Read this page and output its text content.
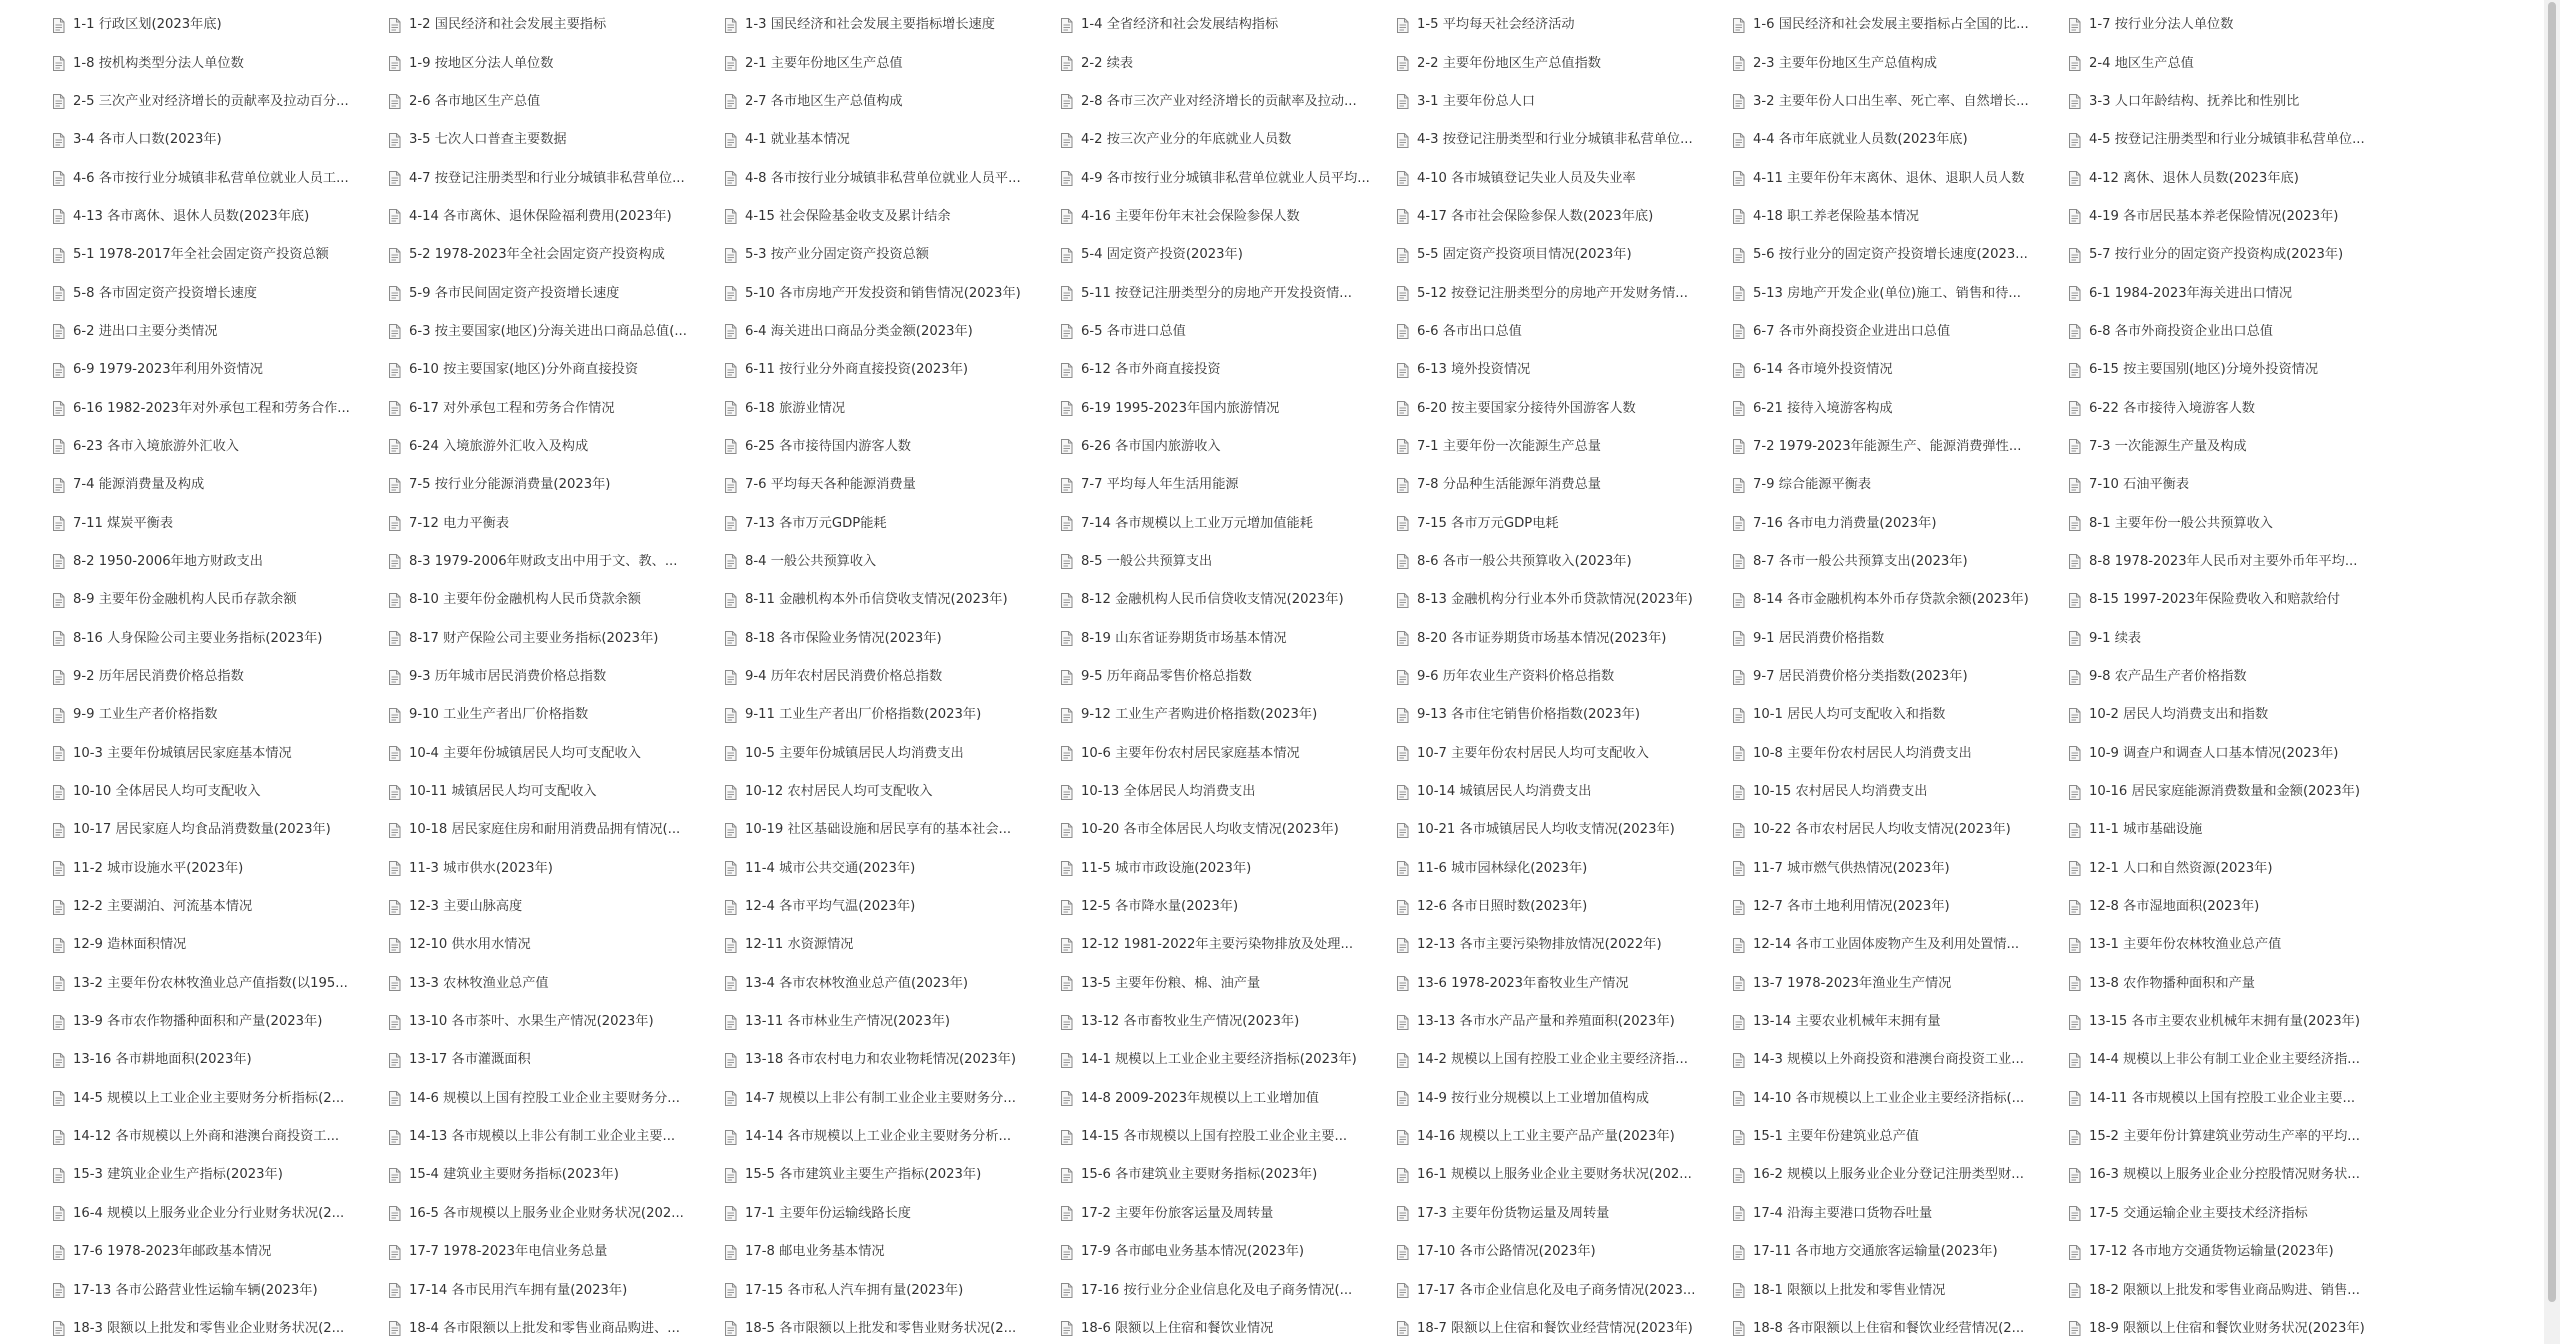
1-1 行政区划(2023年底)	1-2 国民经济和社会发展主要指标	1-3 国民经济和社会发展主要指标增长速度	1-4 全省经济和社会发展结构指标	1-5 平均每天社会经济活动	1-6 国民经济和社会发展主要指标占全国的比...	1-7 按行业分法人单位数
1-8 按机构类型分法人单位数	1-9 按地区分法人单位数	2-1 主要年份地区生产总值	2-2 续表	2-2 主要年份地区生产总值指数	2-3 主要年份地区生产总值构成	2-4 地区生产总值
2-5 三次产业对经济增长的贡献率及拉动百分...	2-6 各市地区生产总值	2-7 各市地区生产总值构成	2-8 各市三次产业对经济增长的贡献率及拉动...	3-1 主要年份总人口	3-2 主要年份人口出生率、死亡率、自然增长...	3-3 人口年龄结构、抚养比和性别比
3-4 各市人口数(2023年)	3-5 七次人口普查主要数据	4-1 就业基本情况	4-2 按三次产业分的年底就业人员数	4-3 按登记注册类型和行业分城镇非私营单位...	4-4 各市年底就业人员数(2023年底)	4-5 按登记注册类型和行业分城镇非私营单位...
4-6 各市按行业分城镇非私营单位就业人员工...	4-7 按登记注册类型和行业分城镇非私营单位...	4-8 各市按行业分城镇非私营单位就业人员平...	4-9 各市按行业分城镇非私营单位就业人员平均...	4-10 各市城镇登记失业人员及失业率	4-11 主要年份年末离休、退休、退职人员人数	4-12 离休、退休人员数(2023年底)
4-13 各市离休、退休人员数(2023年底)	4-14 各市离休、退休保险福利费用(2023年)	4-15 社会保险基金收支及累计结余	4-16 主要年份年末社会保险参保人数	4-17 各市社会保险参保人数(2023年底)	4-18 职工养老保险基本情况	4-19 各市居民基本养老保险情况(2023年)
5-1 1978-2017年全社会固定资产投资总额	5-2 1978-2023年全社会固定资产投资构成	5-3 按产业分固定资产投资总额	5-4 固定资产投资(2023年)	5-5 固定资产投资项目情况(2023年)	5-6 按行业分的固定资产投资增长速度(2023...	5-7 按行业分的固定资产投资构成(2023年)
5-8 各市固定资产投资增长速度	5-9 各市民间固定资产投资增长速度	5-10 各市房地产开发投资和销售情况(2023年)	5-11 按登记注册类型分的房地产开发投资情...	5-12 按登记注册类型分的房地产开发财务情...	5-13 房地产开发企业(单位)施工、销售和待...	6-1 1984-2023年海关进出口情况
6-2 进出口主要分类情况	6-3 按主要国家(地区)分海关进出口商品总值(...	6-4 海关进出口商品分类金额(2023年)	6-5 各市进口总值	6-6 各市出口总值	6-7 各市外商投资企业进出口总值	6-8 各市外商投资企业出口总值
6-9 1979-2023年利用外资情况	6-10 按主要国家(地区)分外商直接投资	6-11 按行业分外商直接投资(2023年)	6-12 各市外商直接投资	6-13 境外投资情况	6-14 各市境外投资情况	6-15 按主要国别(地区)分境外投资情况
6-16 1982-2023年对外承包工程和劳务合作...	6-17 对外承包工程和劳务合作情况	6-18 旅游业情况	6-19 1995-2023年国内旅游情况	6-20 按主要国家分接待外国游客人数	6-21 接待入境游客构成	6-22 各市接待入境游客人数
6-23 各市入境旅游外汇收入	6-24 入境旅游外汇收入及构成	6-25 各市接待国内游客人数	6-26 各市国内旅游收入	7-1 主要年份一次能源生产总量	7-2 1979-2023年能源生产、能源消费弹性...	7-3 一次能源生产量及构成
7-4 能源消费量及构成	7-5 按行业分能源消费量(2023年)	7-6 平均每天各种能源消费量	7-7 平均每人年生活用能源	7-8 分品种生活能源年消费总量	7-9 综合能源平衡表	7-10 石油平衡表
7-11 煤炭平衡表	7-12 电力平衡表	7-13 各市万元GDP能耗	7-14 各市规模以上工业万元增加值能耗	7-15 各市万元GDP电耗	7-16 各市电力消费量(2023年)	8-1 主要年份一般公共预算收入
8-2 1950-2006年地方财政支出	8-3 1979-2006年财政支出中用于文、教、...	8-4 一般公共预算收入	8-5 一般公共预算支出	8-6 各市一般公共预算收入(2023年)	8-7 各市一般公共预算支出(2023年)	8-8 1978-2023年人民币对主要外币年平均...
8-9 主要年份金融机构人民币存款余额	8-10 主要年份金融机构人民币贷款余额	8-11 金融机构本外币信贷收支情况(2023年)	8-12 金融机构人民币信贷收支情况(2023年)	8-13 金融机构分行业本外币贷款情况(2023年)	8-14 各市金融机构本外币存贷款余额(2023年)	8-15 1997-2023年保险费收入和赔款给付
8-16 人身保险公司主要业务指标(2023年)	8-17 财产保险公司主要业务指标(2023年)	8-18 各市保险业务情况(2023年)	8-19 山东省证券期货市场基本情况	8-20 各市证券期货市场基本情况(2023年)	9-1 居民消费价格指数	9-1 续表
9-2 历年居民消费价格总指数	9-3 历年城市居民消费价格总指数	9-4 历年农村居民消费价格总指数	9-5 历年商品零售价格总指数	9-6 历年农业生产资料价格总指数	9-7 居民消费价格分类指数(2023年)	9-8 农产品生产者价格指数
9-9 工业生产者价格指数	9-10 工业生产者出厂价格指数	9-11 工业生产者出厂价格指数(2023年)	9-12 工业生产者购进价格指数(2023年)	9-13 各市住宅销售价格指数(2023年)	10-1 居民人均可支配收入和指数	10-2 居民人均消费支出和指数
10-3 主要年份城镇居民家庭基本情况	10-4 主要年份城镇居民人均可支配收入	10-5 主要年份城镇居民人均消费支出	10-6 主要年份农村居民家庭基本情况	10-7 主要年份农村居民人均可支配收入	10-8 主要年份农村居民人均消费支出	10-9 调查户和调查人口基本情况(2023年)
10-10 全体居民人均可支配收入	10-11 城镇居民人均可支配收入	10-12 农村居民人均可支配收入	10-13 全体居民人均消费支出	10-14 城镇居民人均消费支出	10-15 农村居民人均消费支出	10-16 居民家庭能源消费数量和金额(2023年)
10-17 居民家庭人均食品消费数量(2023年)	10-18 居民家庭住房和耐用消费品拥有情况(...	10-19 社区基础设施和居民享有的基本社会...	10-20 各市全体居民人均收支情况(2023年)	10-21 各市城镇居民人均收支情况(2023年)	10-22 各市农村居民人均收支情况(2023年)	11-1 城市基础设施
11-2 城市设施水平(2023年)	11-3 城市供水(2023年)	11-4 城市公共交通(2023年)	11-5 城市市政设施(2023年)	11-6 城市园林绿化(2023年)	11-7 城市燃气供热情况(2023年)	12-1 人口和自然资源(2023年)
12-2 主要湖泊、河流基本情况	12-3 主要山脉高度	12-4 各市平均气温(2023年)	12-5 各市降水量(2023年)	12-6 各市日照时数(2023年)	12-7 各市土地利用情况(2023年)	12-8 各市湿地面积(2023年)
12-9 造林面积情况	12-10 供水用水情况	12-11 水资源情况	12-12 1981-2022年主要污染物排放及处理...	12-13 各市主要污染物排放情况(2022年)	12-14 各市工业固体废物产生及利用处置情...	13-1 主要年份农林牧渔业总产值
13-2 主要年份农林牧渔业总产值指数(以195...	13-3 农林牧渔业总产值	13-4 各市农林牧渔业总产值(2023年)	13-5 主要年份粮、棉、油产量	13-6 1978-2023年畜牧业生产情况	13-7 1978-2023年渔业生产情况	13-8 农作物播种面积和产量
13-9 各市农作物播种面积和产量(2023年)	13-10 各市茶叶、水果生产情况(2023年)	13-11 各市林业生产情况(2023年)	13-12 各市畜牧业生产情况(2023年)	13-13 各市水产品产量和养殖面积(2023年)	13-14 主要农业机械年末拥有量	13-15 各市主要农业机械年末拥有量(2023年)
13-16 各市耕地面积(2023年)	13-17 各市灌溉面积	13-18 各市农村电力和农业物耗情况(2023年)	14-1 规模以上工业企业主要经济指标(2023年)	14-2 规模以上国有控股工业企业主要经济指...	14-3 规模以上外商投资和港澳台商投资工业...	14-4 规模以上非公有制工业企业主要经济指...
14-5 规模以上工业企业主要财务分析指标(2...	14-6 规模以上国有控股工业企业主要财务分...	14-7 规模以上非公有制工业企业主要财务分...	14-8 2009-2023年规模以上工业增加值	14-9 按行业分规模以上工业增加值构成	14-10 各市规模以上工业企业主要经济指标(...	14-11 各市规模以上国有控股工业企业主要...
14-12 各市规模以上外商和港澳台商投资工...	14-13 各市规模以上非公有制工业企业主要...	14-14 各市规模以上工业企业主要财务分析...	14-15 各市规模以上国有控股工业企业主要...	14-16 规模以上工业主要产品产量(2023年)	15-1 主要年份建筑业总产值	15-2 主要年份计算建筑业劳动生产率的平均...
15-3 建筑业企业生产指标(2023年)	15-4 建筑业主要财务指标(2023年)	15-5 各市建筑业主要生产指标(2023年)	15-6 各市建筑业主要财务指标(2023年)	16-1 规模以上服务业企业主要财务状况(202...	16-2 规模以上服务业企业分登记注册类型财...	16-3 规模以上服务业企业分控股情况财务状...
16-4 规模以上服务业企业分行业财务状况(2...	16-5 各市规模以上服务业企业财务状况(202...	17-1 主要年份运输线路长度	17-2 主要年份旅客运量及周转量	17-3 主要年份货物运量及周转量	17-4 沿海主要港口货物吞吐量	17-5 交通运输企业主要技术经济指标
17-6 1978-2023年邮政基本情况	17-7 1978-2023年电信业务总量	17-8 邮电业务基本情况	17-9 各市邮电业务基本情况(2023年)	17-10 各市公路情况(2023年)	17-11 各市地方交通旅客运输量(2023年)	17-12 各市地方交通货物运输量(2023年)
17-13 各市公路营业性运输车辆(2023年)	17-14 各市民用汽车拥有量(2023年)	17-15 各市私人汽车拥有量(2023年)	17-16 按行业分企业信息化及电子商务情况(...	17-17 各市企业信息化及电子商务情况(2023...	18-1 限额以上批发和零售业情况	18-2 限额以上批发和零售业商品购进、销售...
18-3 限额以上批发和零售业企业财务状况(2...	18-4 各市限额以上批发和零售业商品购进、...	18-5 各市限额以上批发和零售业财务状况(2...	18-6 限额以上住宿和餐饮业情况	18-7 限额以上住宿和餐饮业经营情况(2023年)	18-8 各市限额以上住宿和餐饮业经营情况(2...	18-9 限额以上住宿和餐饮业财务状况(2023年)
